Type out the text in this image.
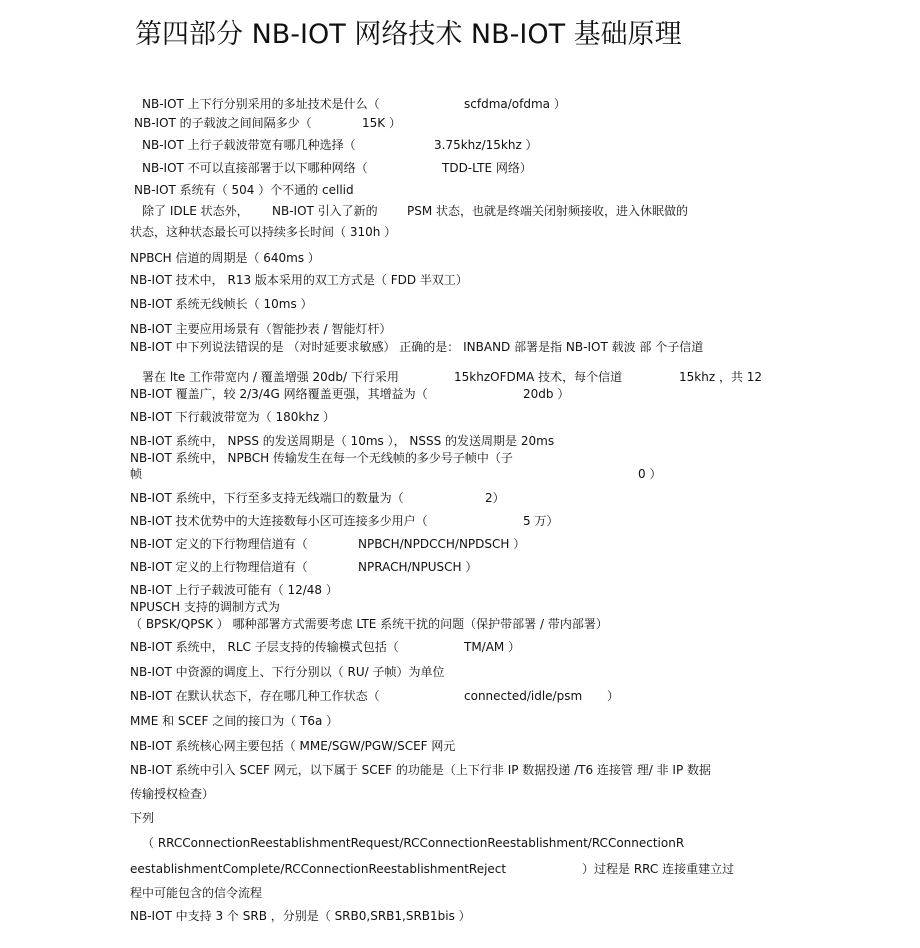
第四部分 NB-IOT 网络技术 NB-IOT 基础原理
NB-IOT 上下行分别采用的多址技术是什么（	scfdma/ofdma ）
NB-IOT 的子载波之间间隔多少（	15K ）
NB-IOT 上行子载波带宽有哪几种选择（	3.75khz/15khz ）
NB-IOT 不可以直接部署于以下哪种网络（	TDD-LTE 网络）
NB-IOT 系统有（ 504 ）个不通的 cellid
除了 IDLE 状态外， NB-IOT 引入了新的 PSM 状态，也就是终端关闭射频接收，进入休眠做的
状态，这种状态最长可以持续多长时间（ 310h ）
NPBCH 信道的周期是（ 640ms ）
NB-IOT 技术中， R13 版本采用的双工方式是（ FDD 半双工）
NB-IOT 系统无线帧长（ 10ms ）
NB-IOT 主要应用场景有（智能抄表 / 智能灯杆）
NB-IOT 中下列说法错误的是 （对时延要求敏感） 正确的是： INBAND 部署是指 NB-IOT 载波 部 个子信道
署在 lte 工作带宽内 / 覆盖增强 20db/ 下行采用	15khzOFDMA 技术，每个信道	15khz ，共 12
NB-IOT 覆盖广，较 2/3/4G 网络覆盖更强，其增益为（	20db ）
NB-IOT 下行载波带宽为（ 180khz ）
NB-IOT 系统中， NPSS 的发送周期是（ 10ms ）， NSSS 的发送周期是 20ms
NB-IOT 系统中， NPBCH 传输发生在每一个无线帧的多少号子帧中（子
帧	0 ）
NB-IOT 系统中，下行至多支持无线端口的数量为（	2）
NB-IOT 技术优势中的大连接数每小区可连接多少用户（	5 万）
NB-IOT 定义的下行物理信道有（	NPBCH/NPDCCH/NPDSCH ）
NB-IOT 定义的上行物理信道有（	NPRACH/NPUSCH ）
NB-IOT 上行子载波可能有（ 12/48 ）
NPUSCH 支持的调制方式为
（ BPSK/QPSK ） 哪种部署方式需要考虑 LTE 系统干扰的问题（保护带部署 / 带内部署）
NB-IOT 系统中， RLC 子层支持的传输模式包括（	TM/AM ）
NB-IOT 中资源的调度上、下行分别以（ RU/ 子帧）为单位
NB-IOT 在默认状态下，存在哪几种工作状态（	connected/idle/psm ）
MME 和 SCEF 之间的接口为（ T6a ）
NB-IOT 系统核心网主要包括（ MME/SGW/PGW/SCEF 网元
NB-IOT 系统中引入 SCEF 网元，以下属于 SCEF 的功能是（上下行非 IP 数据投递 /T6 连接管 理/ 非 IP 数据
传输授权检查）
下列
（ RRCConnectionReestablishmentRequest/RCConnectionReestablishment/RCConnectionR
eestablishmentComplete/RCConnectionReestablishmentReject	）过程是 RRC 连接重建立过
程中可能包含的信令流程
NB-IOT 中支持 3 个 SRB ，分别是（ SRB0,SRB1,SRB1bis ）
